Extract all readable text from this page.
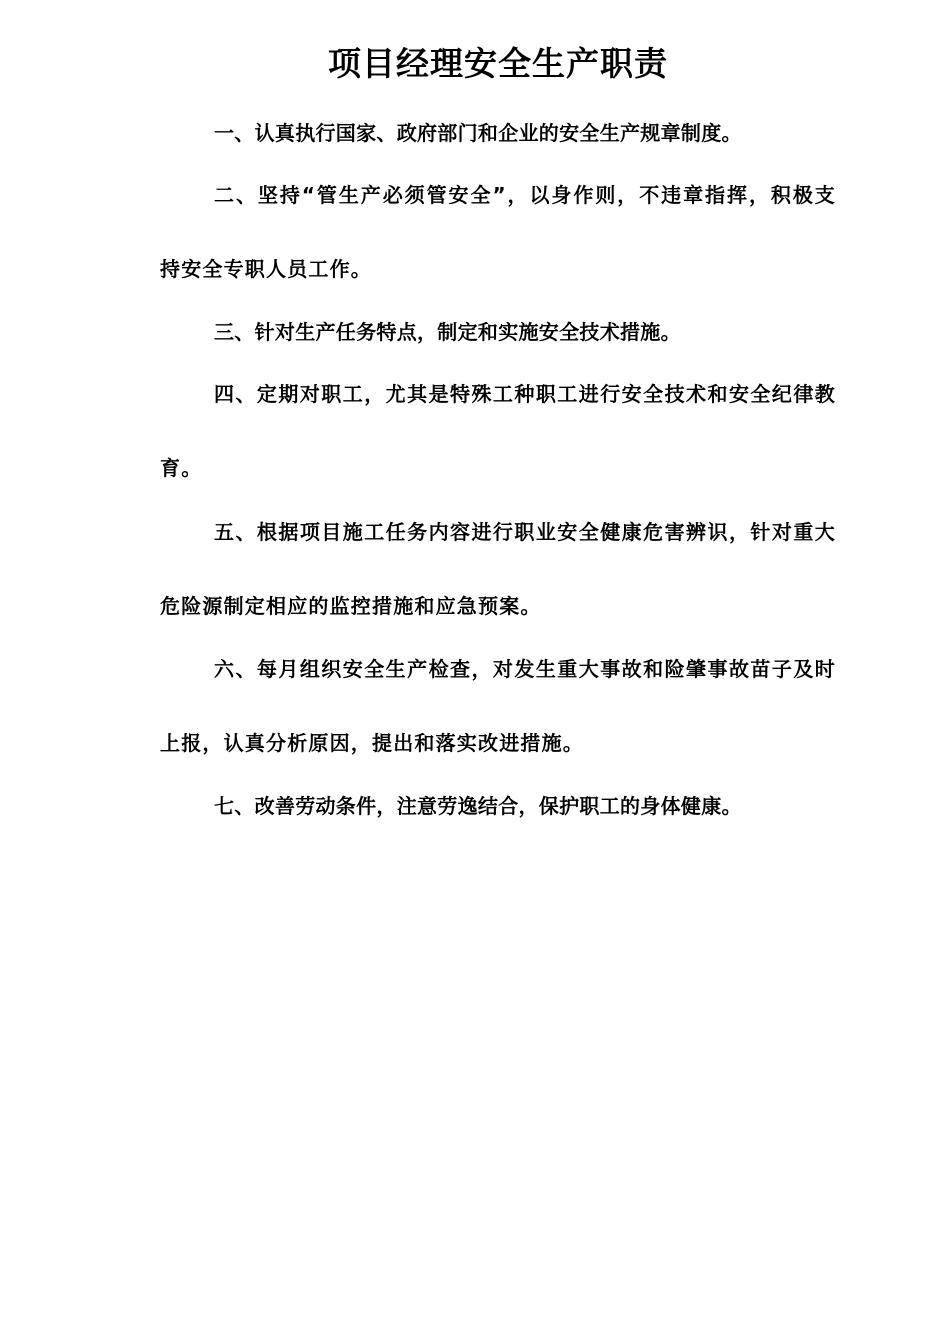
项目经理安全生产职责

一、认真执行国家、政府部门和企业的安全生产规章制度。

二、坚持“管生产必须管安全”，以身作则，不违章指挥，积极支持安全专职人员工作。

三、针对生产任务特点，制定和实施安全技术措施。

四、定期对职工，尤其是特殊工种职工进行安全技术和安全纪律教育。

五、根据项目施工任务内容进行职业安全健康危害辨识，针对重大危险源制定相应的监控措施和应急预案。

六、每月组织安全生产检查，对发生重大事故和险肇事故苗子及时上报，认真分析原因，提出和落实改进措施。

七、改善劳动条件，注意劳逸结合，保护职工的身体健康。
